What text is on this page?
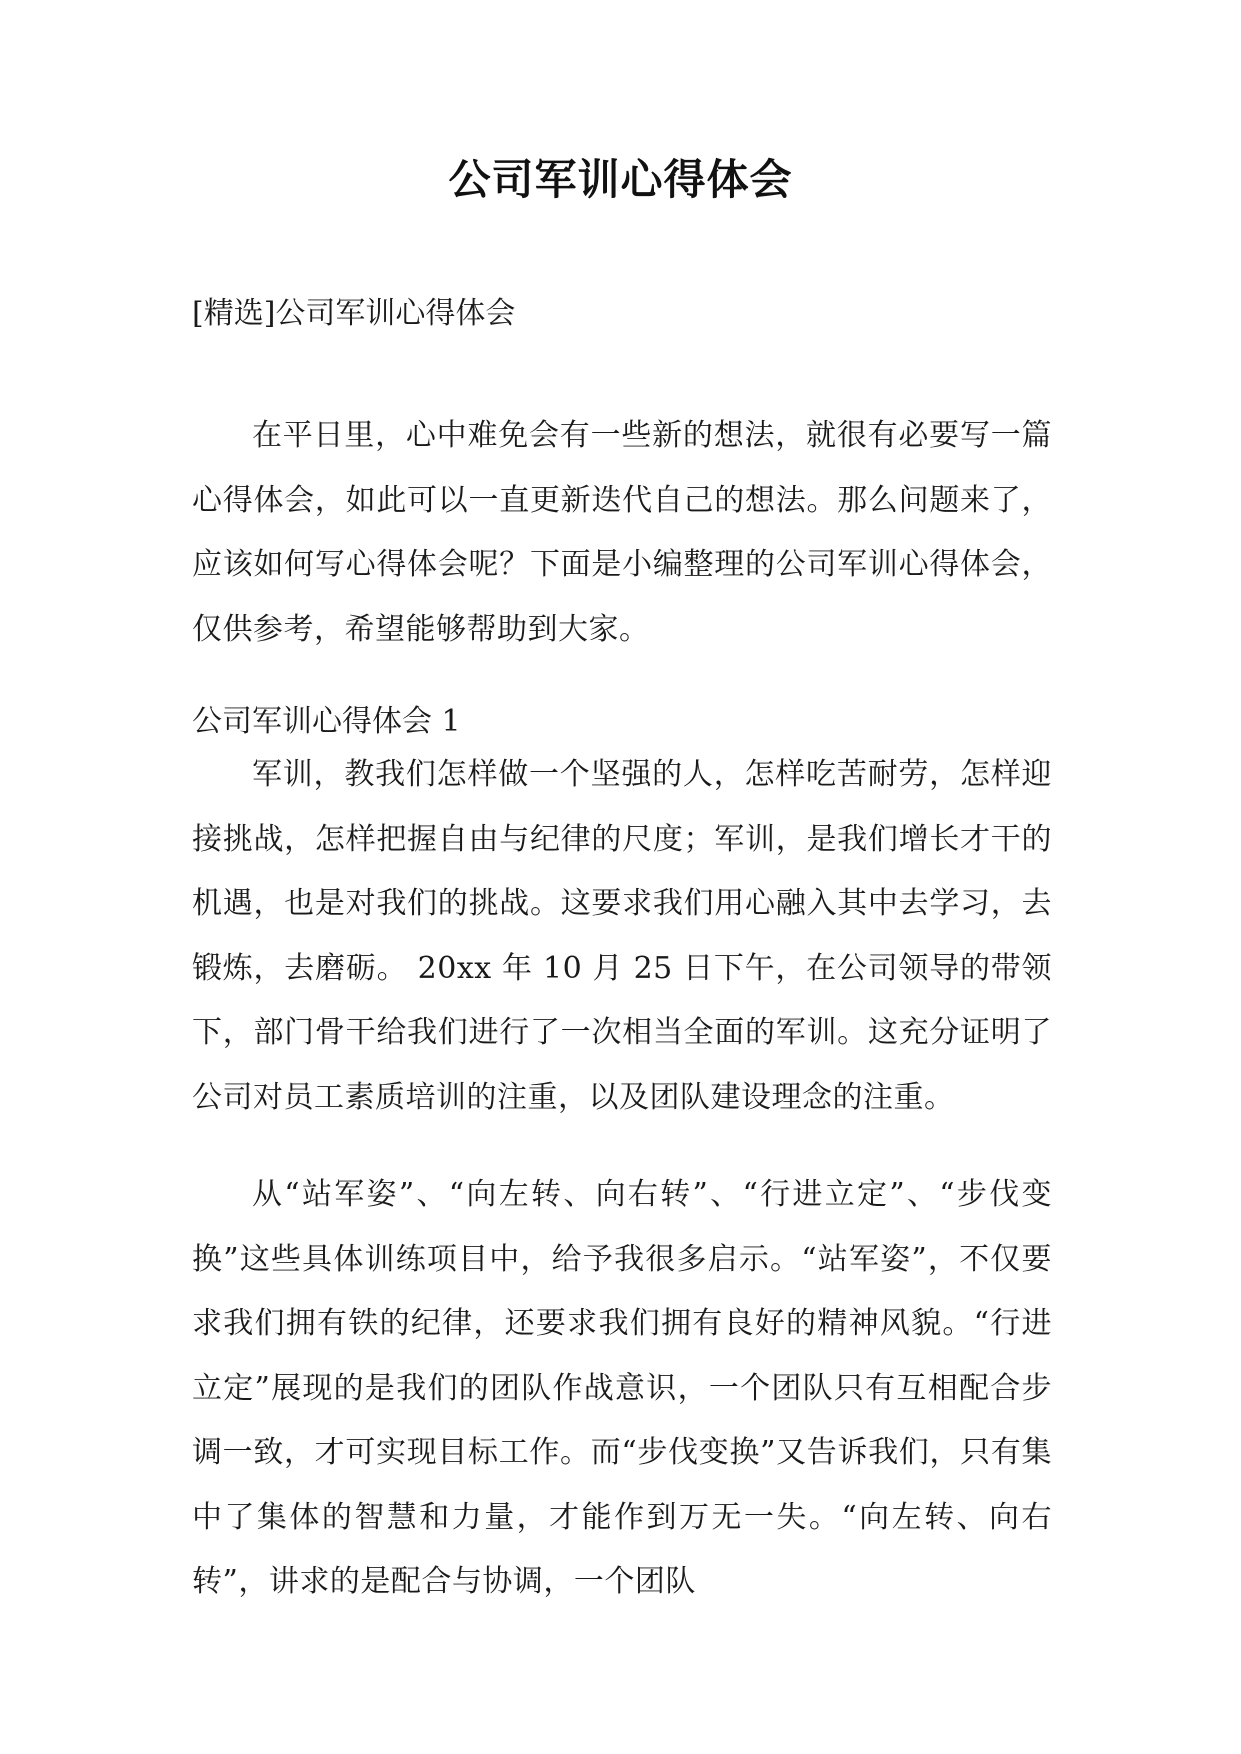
公司军训心得体会

[精选]公司军训心得体会

在平日里，心中难免会有一些新的想法，就很有必要写一篇心得体会，如此可以一直更新迭代自己的想法。那么问题来了，应该如何写心得体会呢？下面是小编整理的公司军训心得体会，仅供参考，希望能够帮助到大家。

公司军训心得体会 1

军训，教我们怎样做一个坚强的人，怎样吃苦耐劳，怎样迎接挑战，怎样把握自由与纪律的尺度；军训，是我们增长才干的机遇，也是对我们的挑战。这要求我们用心融入其中去学习，去锻炼，去磨砺。 20xx 年 10 月 25 日下午，在公司领导的带领下，部门骨干给我们进行了一次相当全面的军训。这充分证明了公司对员工素质培训的注重，以及团队建设理念的注重。

从“站军姿”、“向左转、向右转”、“行进立定”、“步伐变换”这些具体训练项目中，给予我很多启示。“站军姿”，不仅要求我们拥有铁的纪律，还要求我们拥有良好的精神风貌。“行进立定”展现的是我们的团队作战意识，一个团队只有互相配合步调一致，才可实现目标工作。而“步伐变换”又告诉我们，只有集中了集体的智慧和力量，才能作到万无一失。“向左转、向右转”，讲求的是配合与协调，一个团队
